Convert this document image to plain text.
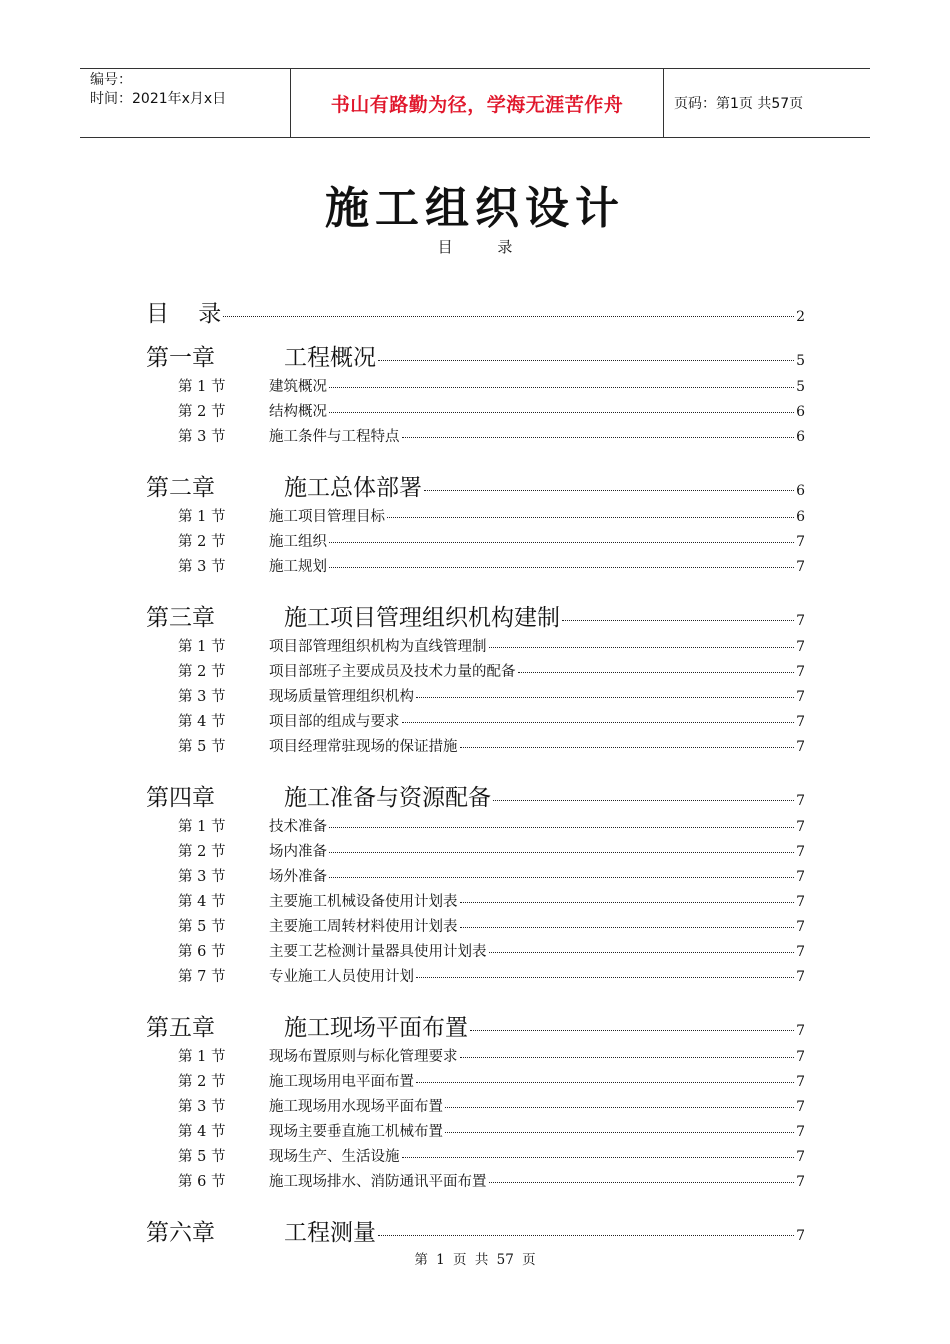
编号：
时间：2021年x月x日	书山有路勤为径，学海无涯苦作舟	页码：第1页 共57页
施工组织设计
目 录
目    录	2
第一章	工程概况	5
第 1 节	建筑概况	5
第 2 节	结构概况	6
第 3 节	施工条件与工程特点	6
第二章	施工总体部署	6
第 1 节	施工项目管理目标	6
第 2 节	施工组织	7
第 3 节	施工规划	7
第三章	施工项目管理组织机构建制	7
第 1 节	项目部管理组织机构为直线管理制	7
第 2 节	项目部班子主要成员及技术力量的配备	7
第 3 节	现场质量管理组织机构	7
第 4 节	项目部的组成与要求	7
第 5 节	项目经理常驻现场的保证措施	7
第四章	施工准备与资源配备	7
第 1 节	技术准备	7
第 2 节	场内准备	7
第 3 节	场外准备	7
第 4 节	主要施工机械设备使用计划表	7
第 5 节	主要施工周转材料使用计划表	7
第 6 节	主要工艺检测计量器具使用计划表	7
第 7 节	专业施工人员使用计划	7
第五章	施工现场平面布置	7
第 1 节	现场布置原则与标化管理要求	7
第 2 节	施工现场用电平面布置	7
第 3 节	施工现场用水现场平面布置	7
第 4 节	现场主要垂直施工机械布置	7
第 5 节	现场生产、生活设施	7
第 6 节	施工现场排水、消防通讯平面布置	7
第六章	工程测量	7
第 1 页 共 57 页
